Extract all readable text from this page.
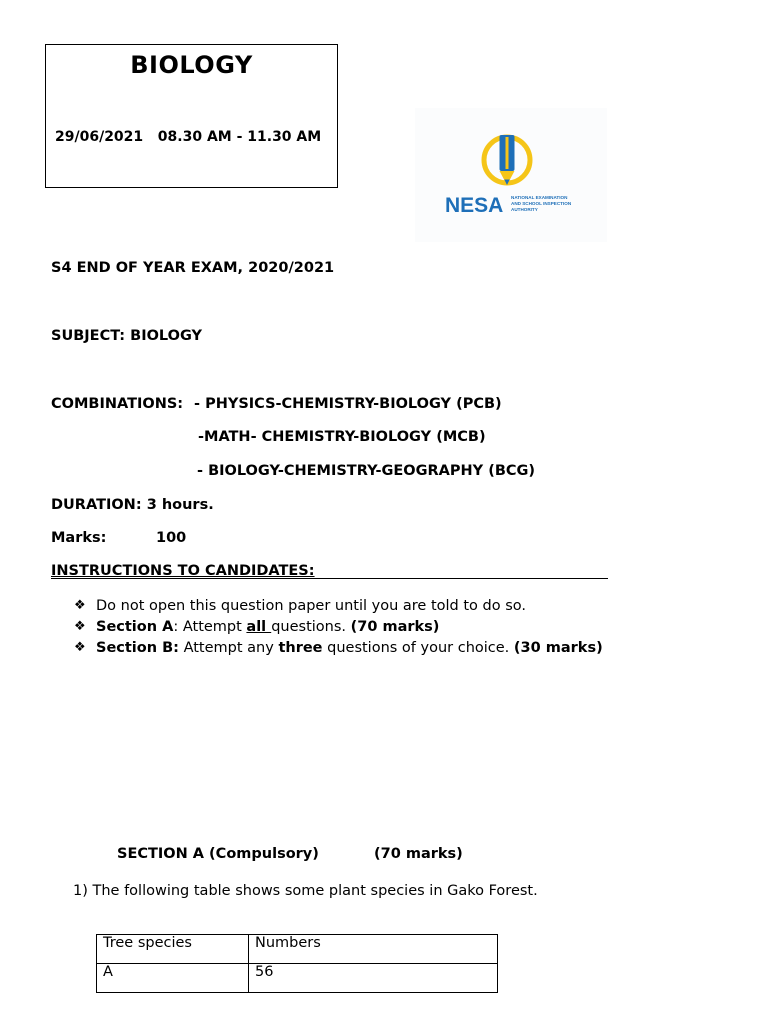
BIOLOGY
29/06/2021 08.30 AM - 11.30 AM
NESA NATIONAL EXAMINATION
AND SCHOOL INSPECTION
AUTHORITY
S4 END OF YEAR EXAM, 2020/2021
SUBJECT: BIOLOGY
COMBINATIONS: - PHYSICS-CHEMISTRY-BIOLOGY (PCB)
-MATH- CHEMISTRY-BIOLOGY (MCB)
- BIOLOGY-CHEMISTRY-GEOGRAPHY (BCG)
DURATION: 3 hours.
Marks:	100
INSTRUCTIONS TO CANDIDATES:

❖

Do not open this question paper until you are told to do so.

❖

Section A: Attempt all questions. (70 marks)

❖

Section B: Attempt any three questions of your choice. (30 marks)

SECTION A (Compulsory)	(70 marks)
1) The following table shows some plant species in Gako Forest.
Tree species	Numbers
A	56
